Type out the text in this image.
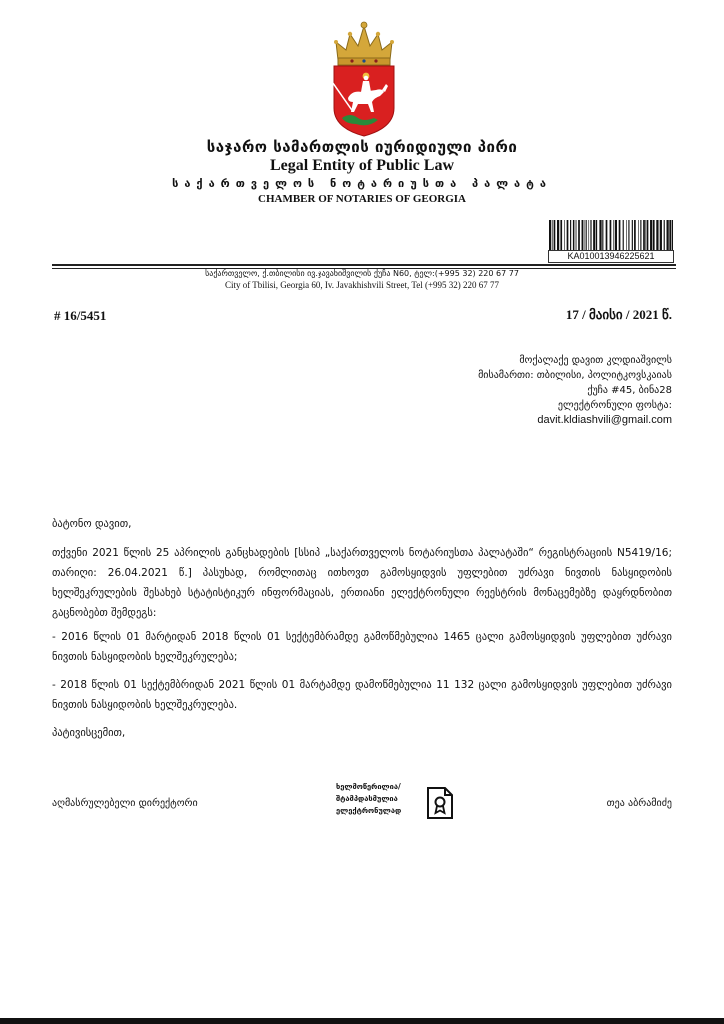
საჯარო სამართლის იურიდიული პირი
Legal Entity of Public Law
საქართველოს ნოტარიუსთა პალატა
CHAMBER OF NOTARIES OF GEORGIA
KA010013946225621
საქართველო, ქ.თბილისი ივ.ჯავახიშვილის ქუჩა N60, ტელ:(+995 32) 220 67 77
City of Tbilisi, Georgia 60, Iv. Javakhishvili Street, Tel (+995 32) 220 67 77
# 16/5451	17 / მაისი / 2021 წ.
მოქალაქე დავით კლდიაშვილს
მისამართი: თბილისი, პოლიტკოვსკაიას
ქუჩა #45, ბინა28
ელექტრონული ფოსტა:
davit.kldiashvili@gmail.com
ბატონო დავით,
თქვენი 2021 წლის 25 აპრილის განცხადების [სსიპ „საქართველოს ნოტარიუსთა პალატაში“ რეგისტრაციის N5419/16; თარიღი: 26.04.2021 წ.] პასუხად, რომლითაც ითხოვთ გამოსყიდვის უფლებით უძრავი ნივთის ნასყიდობის ხელშეკრულების შესახებ სტატისტიკურ ინფორმაციას, ერთიანი ელექტრონული რეესტრის მონაცემებზე დაყრდნობით გაცნობებთ შემდეგს:
- 2016 წლის 01 მარტიდან 2018 წლის 01 სექტემბრამდე გამოწმებულია 1465 ცალი გამოსყიდვის უფლებით უძრავი ნივთის ნასყიდობის ხელშეკრულება;
- 2018 წლის 01 სექტემბრიდან 2021 წლის 01 მარტამდე დამოწმებულია 11 132 ცალი გამოსყიდვის უფლებით უძრავი ნივთის ნასყიდობის ხელშეკრულება.
პატივისცემით,
აღმასრულებელი დირექტორი
ხელმოწერილია/
შტამპდასმულია
ელექტრონულად
თეა აბრამიძე
